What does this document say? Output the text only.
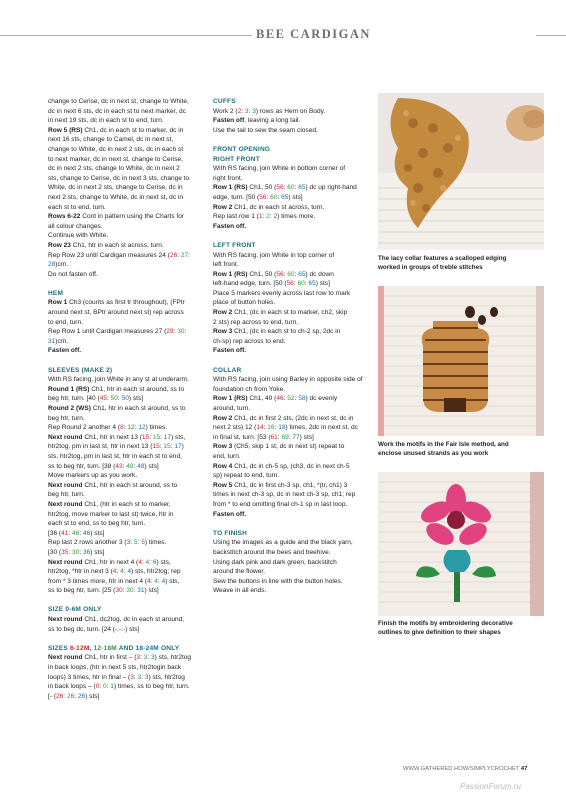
BEE CARDIGAN

change to Cerise, dc in next st, change to White,

dc in next 6 sts, dc in each st to next marker, dc

in next 19 sts, dc in each st to end, turn.

Row 5 (RS) Ch1, dc in each st to marker, dc in

next 16 sts, change to Camel, dc in next st,

change to White, dc in next 2 sts, dc in each st

to next marker, dc in next st, change to Cerise,

dc in next 2 sts, change to White, dc in next 2

sts, change to Cerise, dc in next 3 sts, change to

White, dc in next 2 sts, change to Cerise, dc in

next 2 sts, change to White, dc in next st, dc in

each st to end, turn.

Rows 6-22 Cont in pattern using the Charts for

all colour changes.

Continue with White.

Row 23 Ch1, htr in each st across, turn.

Rep Row 23 until Cardigan measures 24 (26: 27:

28)cm.

Do not fasten off.

HEM

Row 1 Ch3 (counts as first tr throughout), (FPtr

around next st, BPtr around next st) rep across

to end, turn.

Rep Row 1 until Cardigan measures 27 (29: 30:

31)cm.

Fasten off.

SLEEVES (MAKE 2)

With RS facing, join White in any st at underarm.

Round 1 (RS) Ch1, htr in each st around, ss to

beg htr, turn. [40 (45: 50: 50) sts]

Round 2 (WS) Ch1, htr in each st around, ss to

beg htr, turn.

Rep Round 2 another 4 (8: 12: 12) times.

Next round Ch1, htr in next 13 (15: 15: 17) sts,

htr2tog, pm in last st, htr in next 13 (15: 15: 17)

sts, htr2tog, pm in last st, htr in each st to end,

ss to beg htr, turn. [38 (43: 48: 48) sts]

Move markers up as you work.

Next round Ch1, htr in each st around, ss to

beg htr, turn.

Next round Ch1, (htr in each st to marker,

htr2tog, move marker to last st) twice, htr in

each st to end, ss to beg htr, turn.

[36 (41: 46: 46) sts]

Rep last 2 rows another 3 (3: 5: 5) times.

[30 (35: 30: 36) sts]

Next round Ch1, htr in next 4 (4: 4: 6) sts,

htr2tog, *htr in next 3 (4: 4: 4) sts, htr2tog; rep

from * 3 times more, htr in next 4 (4: 4: 4) sts,

ss to beg htr, turn. [25 (30: 30: 31) sts]

SIZE 0-6M ONLY

Next round Ch1, dc2tog, dc in each st around,

ss to beg dc, turn. [24 (-:-:-) sts]

SIZES 6-12M, 12-18M AND 18-24M ONLY

Next round Ch1, htr in first – (3: 3: 3) sts, htr2tog

in back loops, (htr in next 5 sts, htr2togin back

loops) 3 times, htr in final – (3: 3: 3) sts, htr2tog

in back loops – (0: 0: 1) times, ss to beg htr, turn.

[- (26: 26: 26) sts]

CUFFS

Work 2 (2: 3: 3) rows as Hem on Body.

Fasten off, leaving a long tail.

Use the tail to sew the seam closed.

FRONT OPENING

RIGHT FRONT

With RS facing, join White in bottom corner of

right front.

Row 1 (RS) Ch1, 50 (56: 60: 65) dc up right-hand

edge, turn. [50 (56: 60: 65) sts]

Row 2 Ch1, dc in each st across, turn.

Rep last row 1 (1: 2: 2) times more.

Fasten off.

LEFT FRONT

With RS facing, join White in top corner of

left front.

Row 1 (RS) Ch1, 50 (56: 60: 65) dc down

left-hand edge, turn. [50 (56: 60: 65) sts]

Place 5 markers evenly across last row to mark

place of button holes.

Row 2 Ch1, (dc in each st to marker, ch2, skip

2 sts) rep across to end, turn.

Row 3 Ch1, (dc in each st to ch-2 sp, 2dc in

ch-sp) rep across to end.

Fasten off.

COLLAR

With RS facing, join using Barley in opposite side of

foundation ch from Yoke.

Row 1 (RS) Ch1, 40 (46: 52: 58) dc evenly

around, turn.

Row 2 Ch1, dc in first 2 sts, (2dc in next st, dc in

next 2 sts) 12 (14: 16: 18) times, 2dc in next st, dc

in final st, turn. [53 (61: 69: 77) sts]

Row 3 (Ch5, skip 1 st, dc in next st) repeat to

end, turn.

Row 4 Ch1, dc in ch-5 sp, (ch3, dc in next ch-5

sp) repeat to end, turn.

Row 5 Ch1, dc in first ch-3 sp, ch1, *(tr, ch1) 3

times in next ch-3 sp, dc in next ch-3 sp, ch1; rep

from * to end omitting final ch-1 sp in last loop.

Fasten off.

TO FINISH

Using the images as a guide and the black yarn,

backstitch around the bees and beehive.

Using dark pink and dark green, backstitch

around the flower.

Sew the buttons in line with the button holes.

Weave in all ends.

The lacy collar features a scalloped edging
worked in groups of treble stitches
Work the motifs in the Fair Isle method, and
enclose unused strands as you work
Finish the motifs by embroidering decorative
outlines to give definition to their shapes
WWW.GATHERED.HOW/SIMPLYCROCHET 47
PassionForum.ru
